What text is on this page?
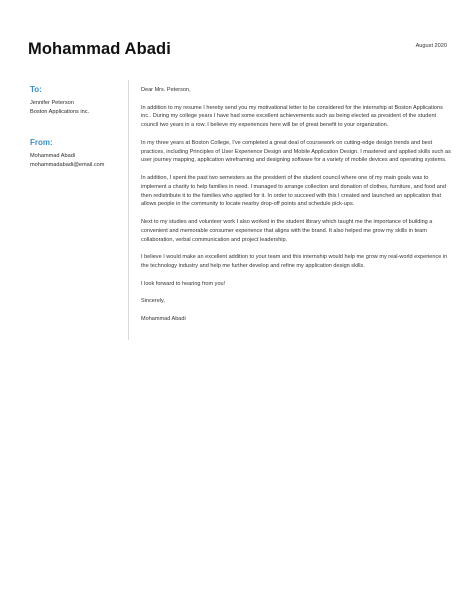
Mohammad Abadi	August 2020
To:
Jennifer Peterson
Boston Applications inc.
From:
Mohammad Abadi
mohammadabadi@email.com

Dear Mrs. Peterson,

In addition to my resume I hereby send you my motivational letter to be considered for the internship at Boston Applications inc.. During my college years I have had some excellent achievements such as being elected as president of the student council two years in a row. I believe my experiences here will be of great benefit to your organization.

In my three years at Boston College, I've completed a great deal of coursework on cutting-edge design trends and best practices, including Principles of User Experience Design and Mobile Application Design. I mastered and applied skills such as user journey mapping, application wireframing and designing software for a variety of mobile devices and operating systems.

In addition, I spent the past two semesters as the president of the student council where one of my main goals was to implement a charity to help families in need. I managed to arrange collection and donation of clothes, furniture, and food and then redistribute it to the families who applied for it. In order to succeed with this I created and launched an application that allows people in the community to locate nearby drop-off points and schedule pick-ups.

Next to my studies and volunteer work I also worked in the student library which taught me the importance of building a convenient and memorable consumer experience that aligns with the brand. It also helped me grow my skills in team collaboration, verbal communication and project leadership.

I believe I would make an excellent addition to your team and this internship would help me grow my real-world experience in the technology industry and help me further develop and refine my application design skills.

I look forward to hearing from you!

Sincerely,

Mohammad Abadi
